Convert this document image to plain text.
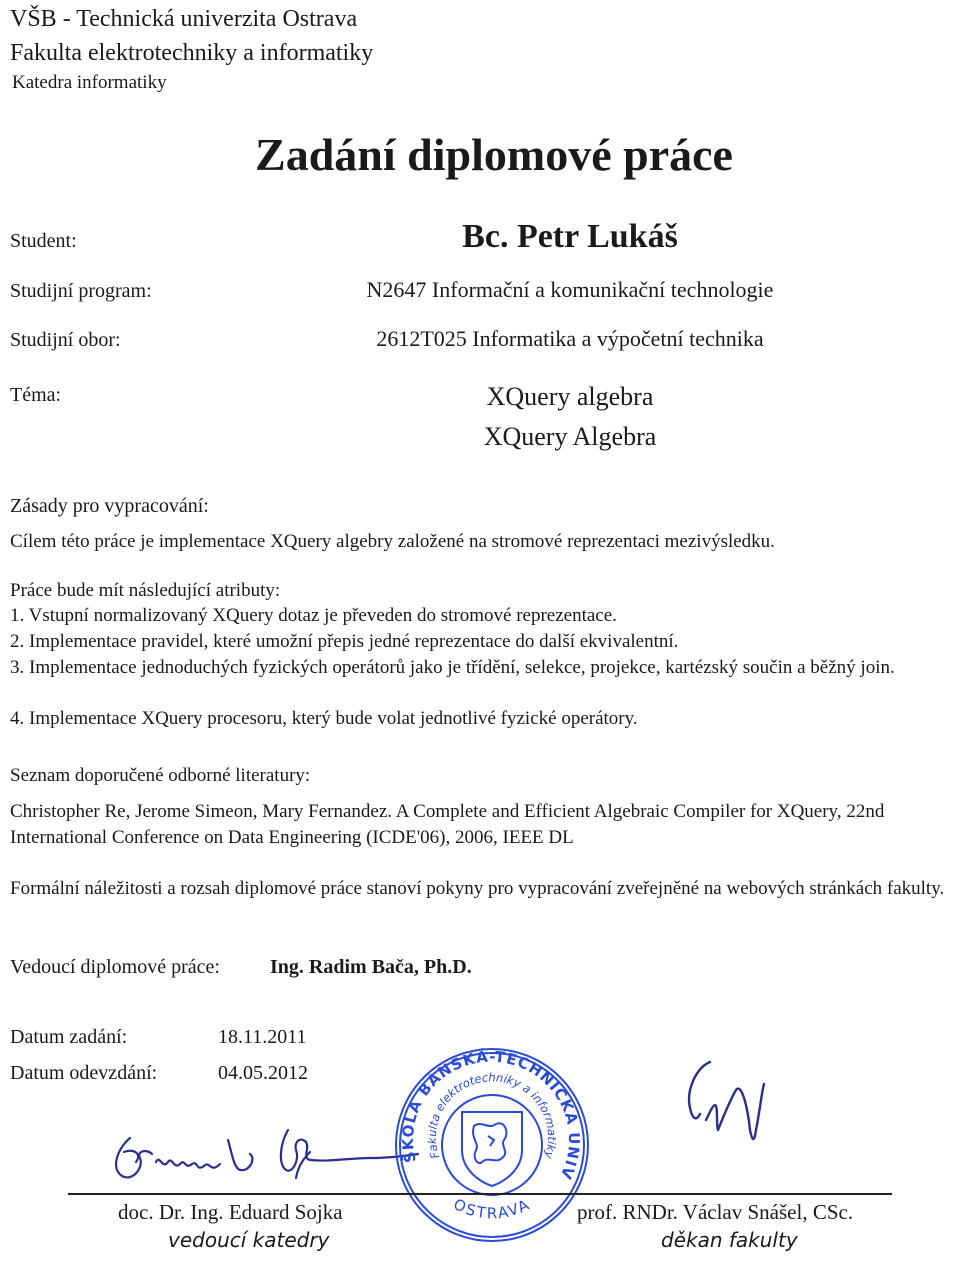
VŠB - Technická univerzita Ostrava
Fakulta elektrotechniky a informatiky
Katedra informatiky
Zadání diplomové práce
Student:	Bc. Petr Lukáš
Studijní program:	N2647 Informační a komunikační technologie
Studijní obor:	2612T025 Informatika a výpočetní technika
Téma:	XQuery algebra
XQuery Algebra
Zásady pro vypracování:
Cílem této práce je implementace XQuery algebry založené na stromové reprezentaci mezivýsledku.
Práce bude mít následující atributy:
1. Vstupní normalizovaný XQuery dotaz je převeden do stromové reprezentace.
2. Implementace pravidel, které umožní přepis jedné reprezentace do další ekvivalentní.
3. Implementace jednoduchých fyzických operátorů jako je třídění, selekce, projekce, kartézský součin a běžný join.
4. Implementace XQuery procesoru, který bude volat jednotlivé fyzické operátory.
Seznam doporučené odborné literatury:
Christopher Re, Jerome Simeon, Mary Fernandez. A Complete and Efficient Algebraic Compiler for XQuery, 22nd International Conference on Data Engineering (ICDE'06), 2006, IEEE DL
Formální náležitosti a rozsah diplomové práce stanoví pokyny pro vypracování zveřejněné na webových stránkách fakulty.
Vedoucí diplomové práce:	Ing. Radim Bača, Ph.D.
Datum zadání:	18.11.2011
Datum odevzdání:	04.05.2012
VYSOKÁ ŠKOLA BÁŇSKÁ-TECHNICKÁ UNIVERZITA
Fakulta elektrotechniky a informatiky
OSTRAVA
doc. Dr. Ing. Eduard Sojka
vedoucí katedry
prof. RNDr. Václav Snášel, CSc.
děkan fakulty
